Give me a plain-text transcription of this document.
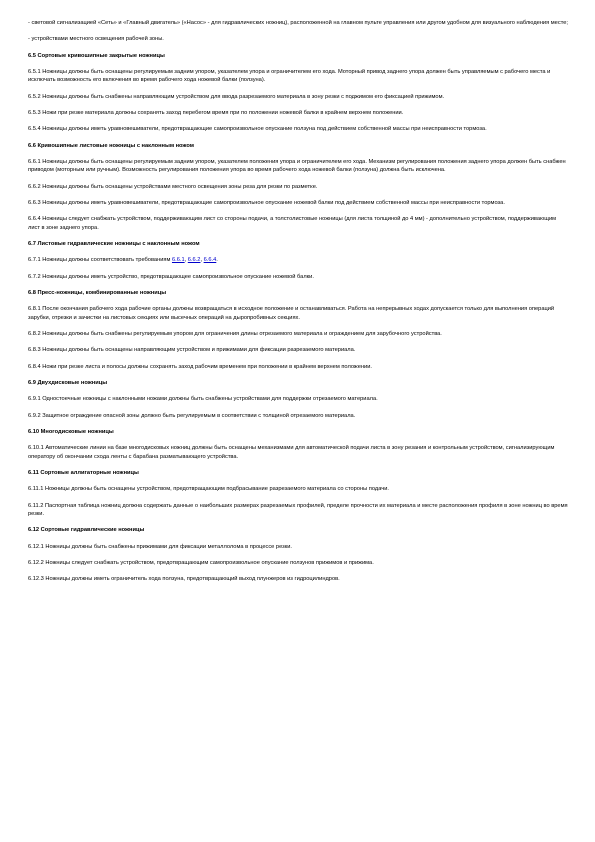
- световой сигнализацией «Сеть» и «Главный двигатель» («Насос» - для гидравлических ножниц), расположенной на главном пульте управления или другом удобном для визуального наблюдения месте;

- устройствами местного освещения рабочей зоны.

6.5 Сортовые кривошипные закрытые ножницы

6.5.1 Ножницы должны быть оснащены регулируемым задним упором, указателем упора и ограничителем его хода. Моторный привод заднего упора должен быть управляемым с рабочего места и исключать возможность его включения во время рабочего хода ножевой балки (ползуна).

6.5.2 Ножницы должны быть снабжены направляющим устройством для ввода разрезаемого материала в зону резки с поджимом его фиксацией прижимом.

6.5.3 Ножи при резке материала должны сохранять заход перебегом время при по положении ножевой балки в крайнем верхнем положении.

6.5.4 Ножницы должны иметь уравновешиватели, предотвращающие самопроизвольное опускание ползуна под действием собственной массы при неисправности тормоза.

6.6 Кривошипные листовые ножницы с наклонным ножом

6.6.1 Ножницы должны быть оснащены регулируемым задним упором, указателем положения упора и ограничителем его хода. Механизм регулирования положения заднего упора должен быть снабжен приводом (моторным или ручным). Возможность регулирования положения упора во время рабочего хода ножевой балки (ползуна) должна быть исключена.

6.6.2 Ножницы должны быть оснащены устройствами местного освещения зоны реза для резки по разметке.

6.6.3 Ножницы должны иметь уравновешиватели, предотвращающие самопроизвольное опускание ножевой балки под действием собственной массы при неисправности тормоза.

6.6.4 Ножницы следует снабжать устройством, поддерживающим лист со стороны подачи, а толстолистовые ножницы (для листа толщиной до 4 мм) - дополнительно устройством, поддерживающим лист в зоне заднего упора.

6.7 Листовые гидравлические ножницы с наклонным ножом

6.7.1 Ножницы должны соответствовать требованиям 6.6.1, 6.6.2, 6.6.4.

6.7.2 Ножницы должны иметь устройство, предотвращающее самопроизвольное опускание ножевой балки.

6.8 Пресс-ножницы, комбинированные ножницы

6.8.1 После окончания рабочего хода рабочие органы должны возвращаться в исходное положение и останавливаться. Работа на непрерывных ходах допускается только для выполнения операций зарубки, отрезки и зачистки на листовых секциях или высечных операций на дыропробивных секциях.

6.8.2 Ножницы должны быть снабжены регулируемым упором для ограничения длины отрезаемого материала и ограждением для зарубочного устройства.

6.8.3 Ножницы должны быть оснащены направляющим устройством и прижимами для фиксации разрезаемого материала.

6.8.4 Ножи при резке листа и полосы должны сохранять заход рабочим временем при положении в крайнем верхнем положении.

6.9 Двухдисковые ножницы

6.9.1 Одностоечные ножницы с наклонными ножами должны быть снабжены устройствами для поддержки отрезаемого материала.

6.9.2 Защитное ограждение опасной зоны должно быть регулируемым в соответствии с толщиной отрезаемого материала.

6.10 Многодисковые ножницы

6.10.1 Автоматические линии на базе многодисковых ножниц должны быть оснащены механизмами для автоматической подачи листа в зону резания и контрольным устройством, сигнализирующим оператору об окончании схода ленты с барабана разматывающего устройства.

6.11 Сортовые аллигаторные ножницы

6.11.1 Ножницы должны быть оснащены устройством, предотвращающим подбрасывание разрезаемого материала со стороны подачи.

6.11.2 Паспортная таблица ножниц должна содержать данные о наибольших размерах разрезаемых профилей, пределе прочности их материала и месте расположения профиля в зоне ножниц во время резки.

6.12 Сортовые гидравлические ножницы

6.12.1 Ножницы должны быть снабжены прижимами для фиксации металлолома в процессе резки.

6.12.2 Ножницы следует снабжать устройством, предотвращающим самопроизвольное опускание ползунов прижимов и прижима.

6.12.3 Ножницы должны иметь ограничитель хода ползуна, предотвращающий выход плунжеров из гидроцилиндров.
